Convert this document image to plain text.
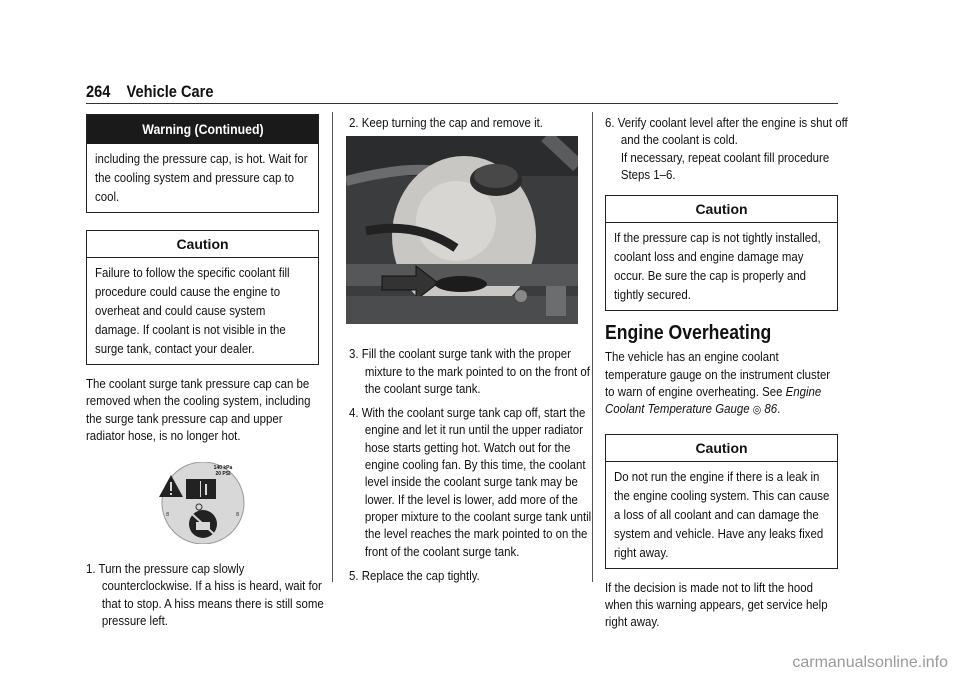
264 Vehicle Care
Warning (Continued)

including the pressure cap, is hot. Wait for the cooling system and pressure cap to cool.

Caution

Failure to follow the specific coolant fill procedure could cause the engine to overheat and could cause system damage. If coolant is not visible in the surge tank, contact your dealer.

The coolant surge tank pressure cap can be removed when the cooling system, including the surge tank pressure cap and upper radiator hose, is no longer hot.

8	8
140 kPa
20 PSI

1. Turn the pressure cap slowly counterclockwise. If a hiss is heard, wait for that to stop. A hiss means there is still some pressure left.

2. Keep turning the cap and remove it.

3. Fill the coolant surge tank with the proper mixture to the mark pointed to on the front of the coolant surge tank.

4. With the coolant surge tank cap off, start the engine and let it run until the upper radiator hose starts getting hot. Watch out for the engine cooling fan. By this time, the coolant level inside the coolant surge tank may be lower. If the level is lower, add more of the proper mixture to the coolant surge tank until the level reaches the mark pointed to on the front of the coolant surge tank.

5. Replace the cap tightly.

6. Verify coolant level after the engine is shut off and the coolant is cold.

If necessary, repeat coolant fill procedure Steps 1–6.

Caution

If the pressure cap is not tightly installed, coolant loss and engine damage may occur. Be sure the cap is properly and tightly secured.

Engine Overheating

The vehicle has an engine coolant temperature gauge on the instrument cluster to warn of engine overheating. See Engine Coolant Temperature Gauge ◎ 86.

Caution

Do not run the engine if there is a leak in the engine cooling system. This can cause a loss of all coolant and can damage the system and vehicle. Have any leaks fixed right away.

If the decision is made not to lift the hood when this warning appears, get service help right away.

carmanualsonline.info
